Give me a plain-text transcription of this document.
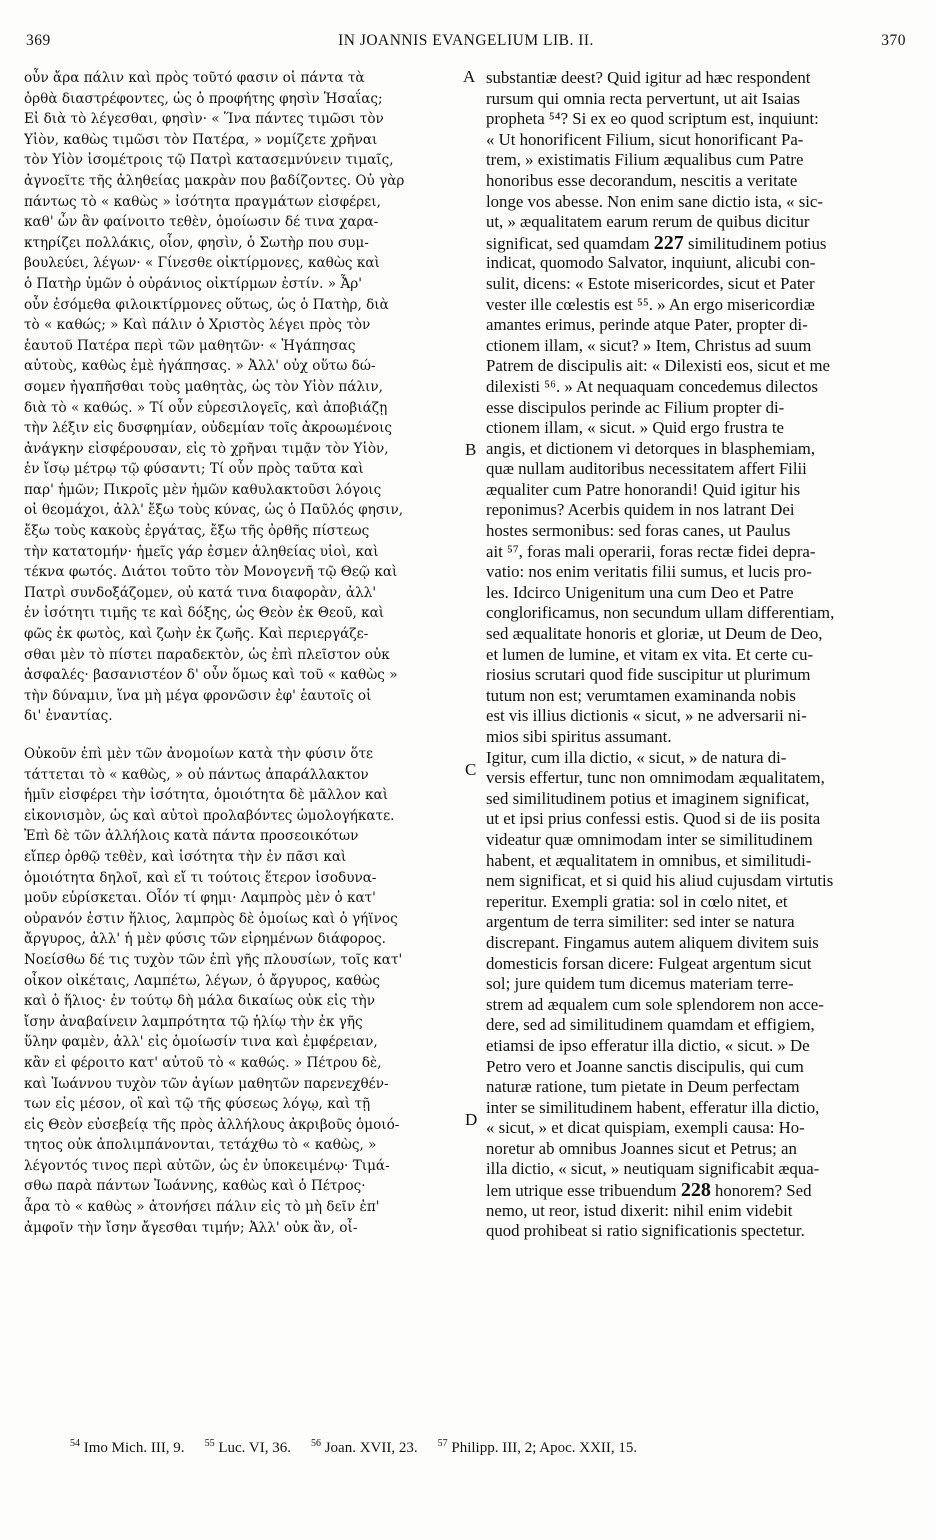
369	IN JOANNIS EVANGELIUM LIB. II.	370
οὖν ἄρα πάλιν καὶ πρὸς τοῦτό φασιν οἱ πάντα τὰ
ὀρθὰ διαστρέφοντες, ὡς ὁ προφήτης φησὶν Ἡσαΐας;
Εἰ διὰ τὸ λέγεσθαι, φησὶν· « Ἵνα πάντες τιμῶσι τὸν
Υἱὸν, καθὼς τιμῶσι τὸν Πατέρα, » νομίζετε χρῆναι
τὸν Υἱὸν ἰσομέτροις τῷ Πατρὶ κατασεμνύνειν τιμαῖς,
ἀγνοεῖτε τῆς ἀληθείας μακρὰν που βαδίζοντες. Οὐ γὰρ
πάντως τὸ « καθὼς » ἰσότητα πραγμάτων εἰσφέρει,
καθ' ὧν ἂν φαίνοιτο τεθὲν, ὁμοίωσιν δέ τινα χαρα-
κτηρίζει πολλάκις, οἷον, φησὶν, ὁ Σωτὴρ που συμ-
βουλεύει, λέγων· « Γίνεσθε οἰκτίρμονες, καθὼς καὶ
ὁ Πατὴρ ὑμῶν ὁ οὐράνιος οἰκτίρμων ἐστίν. » Ἆρ'
οὖν ἐσόμεθα φιλοικτίρμονες οὕτως, ὡς ὁ Πατὴρ, διὰ
τὸ « καθώς; » Καὶ πάλιν ὁ Χριστὸς λέγει πρὸς τὸν
ἑαυτοῦ Πατέρα περὶ τῶν μαθητῶν· « Ἠγάπησας
αὐτοὺς, καθὼς ἐμὲ ἠγάπησας. » Ἀλλ' οὐχ οὕτω δώ-
σομεν ἠγαπῆσθαι τοὺς μαθητὰς, ὡς τὸν Υἱὸν πάλιν,
διὰ τὸ « καθώς. » Τί οὖν εὑρεσιλογεῖς, καὶ ἀποβιάζῃ
τὴν λέξιν εἰς δυσφημίαν, οὐδεμίαν τοῖς ἀκροωμένοις
ἀνάγκην εἰσφέρουσαν, εἰς τὸ χρῆναι τιμᾷν τὸν Υἱὸν,
ἐν ἴσῳ μέτρῳ τῷ φύσαντι; Τί οὖν πρὸς ταῦτα καὶ
παρ' ἡμῶν; Πικροῖς μὲν ἡμῶν καθυλακτοῦσι λόγοις
οἱ θεομάχοι, ἀλλ' ἔξω τοὺς κύνας, ὡς ὁ Παῦλός φησιν,
ἔξω τοὺς κακοὺς ἐργάτας, ἔξω τῆς ὀρθῆς πίστεως
τὴν κατατομήν· ἡμεῖς γάρ ἐσμεν ἀληθείας υἱοὶ, καὶ
τέκνα φωτός. Διάτοι τοῦτο τὸν Μονογενῆ τῷ Θεῷ καὶ
Πατρὶ συνδοξάζομεν, οὐ κατά τινα διαφορὰν, ἀλλ'
ἐν ἰσότητι τιμῆς τε καὶ δόξης, ὡς Θεὸν ἐκ Θεοῦ, καὶ
φῶς ἐκ φωτὸς, καὶ ζωὴν ἐκ ζωῆς. Καὶ περιεργάζε-
σθαι μὲν τὸ πίστει παραδεκτὸν, ὡς ἐπὶ πλεῖστον οὐκ
ἀσφαλές· βασανιστέον δ' οὖν ὅμως καὶ τοῦ « καθὼς »
τὴν δύναμιν, ἵνα μὴ μέγα φρονῶσιν ἐφ' ἑαυτοῖς οἱ
δι' ἐναντίας.
Οὐκοῦν ἐπὶ μὲν τῶν ἀνομοίων κατὰ τὴν φύσιν ὅτε
τάττεται τὸ « καθὼς, » οὐ πάντως ἀπαράλλακτον
ἡμῖν εἰσφέρει τὴν ἰσότητα, ὁμοιότητα δὲ μᾶλλον καὶ
εἰκονισμὸν, ὡς καὶ αὐτοὶ προλαβόντες ὡμολογήκατε.
Ἐπὶ δὲ τῶν ἀλλήλοις κατὰ πάντα προσεοικότων
εἴπερ ὀρθῷ τεθὲν, καὶ ἰσότητα τὴν ἐν πᾶσι καὶ
ὁμοιότητα δηλοῖ, καὶ εἴ τι τούτοις ἕτερον ἰσοδυνα-
μοῦν εὑρίσκεται. Οἷόν τί φημι· Λαμπρὸς μὲν ὁ κατ'
οὐρανόν ἐστιν ἥλιος, λαμπρὸς δὲ ὁμοίως καὶ ὁ γήϊνος
ἄργυρος, ἀλλ' ἡ μὲν φύσις τῶν εἰρημένων διάφορος.
Νοείσθω δέ τις τυχὸν τῶν ἐπὶ γῆς πλουσίων, τοῖς κατ'
οἶκον οἰκέταις, Λαμπέτω, λέγων, ὁ ἄργυρος, καθὼς
καὶ ὁ ἥλιος· ἐν τούτῳ δὴ μάλα δικαίως οὐκ εἰς τὴν
ἴσην ἀναβαίνειν λαμπρότητα τῷ ἡλίῳ τὴν ἐκ γῆς
ὕλην φαμὲν, ἀλλ' εἰς ὁμοίωσίν τινα καὶ ἐμφέρειαν,
κἂν εἰ φέροιτο κατ' αὐτοῦ τὸ « καθώς. » Πέτρου δὲ,
καὶ Ἰωάννου τυχὸν τῶν ἁγίων μαθητῶν παρενεχθέν-
των εἰς μέσον, οἳ καὶ τῷ τῆς φύσεως λόγῳ, καὶ τῇ
εἰς Θεὸν εὐσεβείᾳ τῆς πρὸς ἀλλήλους ἀκριβοῦς ὁμοιό-
τητος οὐκ ἀπολιμπάνονται, τετάχθω τὸ « καθὼς, »
λέγοντός τινος περὶ αὐτῶν, ὡς ἐν ὑποκειμένῳ· Τιμά-
σθω παρὰ πάντων Ἰωάννης, καθὼς καὶ ὁ Πέτρος·
ἆρα τὸ « καθὼς » ἀτονήσει πάλιν εἰς τὸ μὴ δεῖν ἐπ'
ἀμφοῖν τὴν ἴσην ἄγεσθαι τιμήν; Ἀλλ' οὐκ ἂν, οἶ-
substantiæ deest? Quid igitur ad hæc respondent
rursum qui omnia recta pervertunt, ut ait Isaias
propheta ⁵⁴? Si ex eo quod scriptum est, inquiunt:
« Ut honorificent Filium, sicut honorificant Pa-
trem, » existimatis Filium æqualibus cum Patre
honoribus esse decorandum, nescitis a veritate
longe vos abesse. Non enim sane dictio ista, « sic-
ut, » æqualitatem earum rerum de quibus dicitur
significat, sed quamdam 227 similitudinem potius
indicat, quomodo Salvator, inquiunt, alicubi con-
sulit, dicens: « Estote misericordes, sicut et Pater
vester ille cœlestis est ⁵⁵. » An ergo misericordiæ
amantes erimus, perinde atque Pater, propter di-
ctionem illam, « sicut? » Item, Christus ad suum
Patrem de discipulis ait: « Dilexisti eos, sicut et me
dilexisti ⁵⁶. » At nequaquam concedemus dilectos
esse discipulos perinde ac Filium propter di-
ctionem illam, « sicut. » Quid ergo frustra te
angis, et dictionem vi detorques in blasphemiam,
quæ nullam auditoribus necessitatem affert Filii
æqualiter cum Patre honorandi! Quid igitur his
reponimus? Acerbis quidem in nos latrant Dei
hostes sermonibus: sed foras canes, ut Paulus
ait ⁵⁷, foras mali operarii, foras rectæ fidei depra-
vatio: nos enim veritatis filii sumus, et lucis pro-
les. Idcirco Unigenitum una cum Deo et Patre
conglorificamus, non secundum ullam differentiam,
sed æqualitate honoris et gloriæ, ut Deum de Deo,
et lumen de lumine, et vitam ex vita. Et certe cu-
riosius scrutari quod fide suscipitur ut plurimum
tutum non est; verumtamen examinanda nobis
est vis illius dictionis « sicut, » ne adversarii ni-
mios sibi spiritus assumant.
Igitur, cum illa dictio, « sicut, » de natura di-
versis effertur, tunc non omnimodam æqualitatem,
sed similitudinem potius et imaginem significat,
ut et ipsi prius confessi estis. Quod si de iis posita
videatur quæ omnimodam inter se similitudinem
habent, et æqualitatem in omnibus, et similitudi-
nem significat, et si quid his aliud cujusdam virtutis
reperitur. Exempli gratia: sol in cœlo nitet, et
argentum de terra similiter: sed inter se natura
discrepant. Fingamus autem aliquem divitem suis
domesticis forsan dicere: Fulgeat argentum sicut
sol; jure quidem tum dicemus materiam terre-
strem ad æqualem cum sole splendorem non acce-
dere, sed ad similitudinem quamdam et effigiem,
etiamsi de ipso efferatur illa dictio, « sicut. » De
Petro vero et Joanne sanctis discipulis, qui cum
naturæ ratione, tum pietate in Deum perfectam
inter se similitudinem habent, efferatur illa dictio,
« sicut, » et dicat quispiam, exempli causa: Ho-
noretur ab omnibus Joannes sicut et Petrus; an
illa dictio, « sicut, » neutiquam significabit æqua-
lem utrique esse tribuendum 228 honorem? Sed
nemo, ut reor, istud dixerit: nihil enim videbit
quod prohibeat si ratio significationis spectetur.
A
B
C
D
$^{54}$ Imo Mich. III, 9. $^{55}$ Luc. VI, 36. $^{56}$ Joan. XVII, 23. $^{57}$ Philipp. III, 2; Apoc. XXII, 15.
